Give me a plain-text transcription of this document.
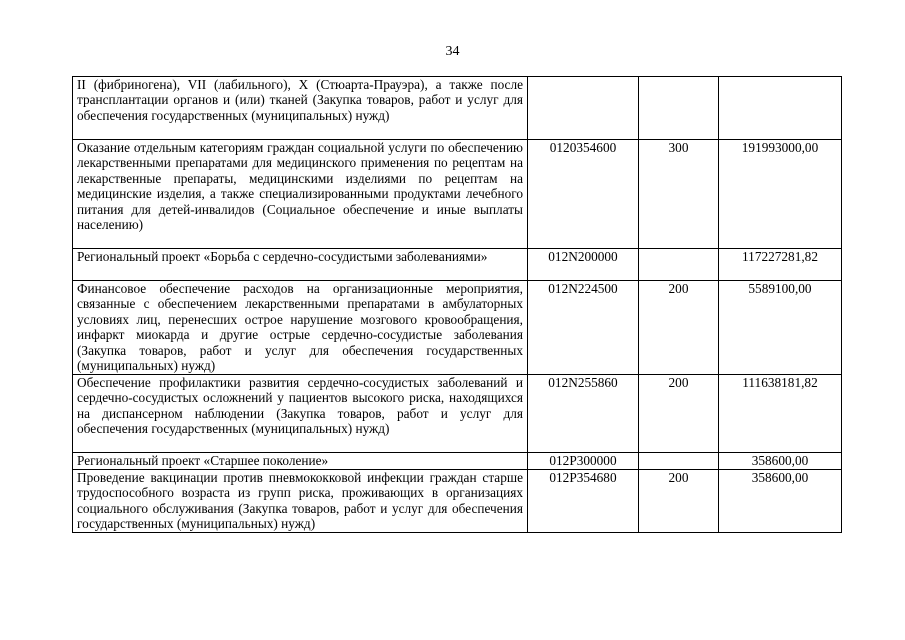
34
II (фибриногена), VII (лабильного), X (Стюарта-Прауэра), а также после трансплантации органов и (или) тканей (Закупка товаров, работ и услуг для обеспечения государственных (муниципальных) нужд)			
Оказание отдельным категориям граждан социальной услуги по обеспечению лекарственными препаратами для медицинского применения по рецептам на лекарственные препараты, медицинскими изделиями по рецептам на медицинские изделия, а также специализированными продуктами лечебного питания для детей-инвалидов (Социальное обеспечение и иные выплаты населению)	0120354600	300	191993000,00
Региональный проект «Борьба с сердечно-сосудистыми заболеваниями»	012N200000		117227281,82
Финансовое обеспечение расходов на организационные мероприятия, связанные с обеспечением лекарственными препаратами в амбулаторных условиях лиц, перенесших острое нарушение мозгового кровообращения, инфаркт миокарда и другие острые сердечно-сосудистые заболевания (Закупка товаров, работ и услуг для обеспечения государственных (муниципальных) нужд)	012N224500	200	5589100,00
Обеспечение профилактики развития сердечно-сосудистых заболеваний и сердечно-сосудистых осложнений у пациентов высокого риска, находящихся на диспансерном наблюдении (Закупка товаров, работ и услуг для обеспечения государственных (муниципальных) нужд)	012N255860	200	111638181,82
Региональный проект «Старшее поколение»	012P300000		358600,00
Проведение вакцинации против пневмококковой инфекции граждан старше трудоспособного возраста из групп риска, проживающих в организациях социального обслуживания (Закупка товаров, работ и услуг для обеспечения государственных (муниципальных) нужд)	012P354680	200	358600,00
